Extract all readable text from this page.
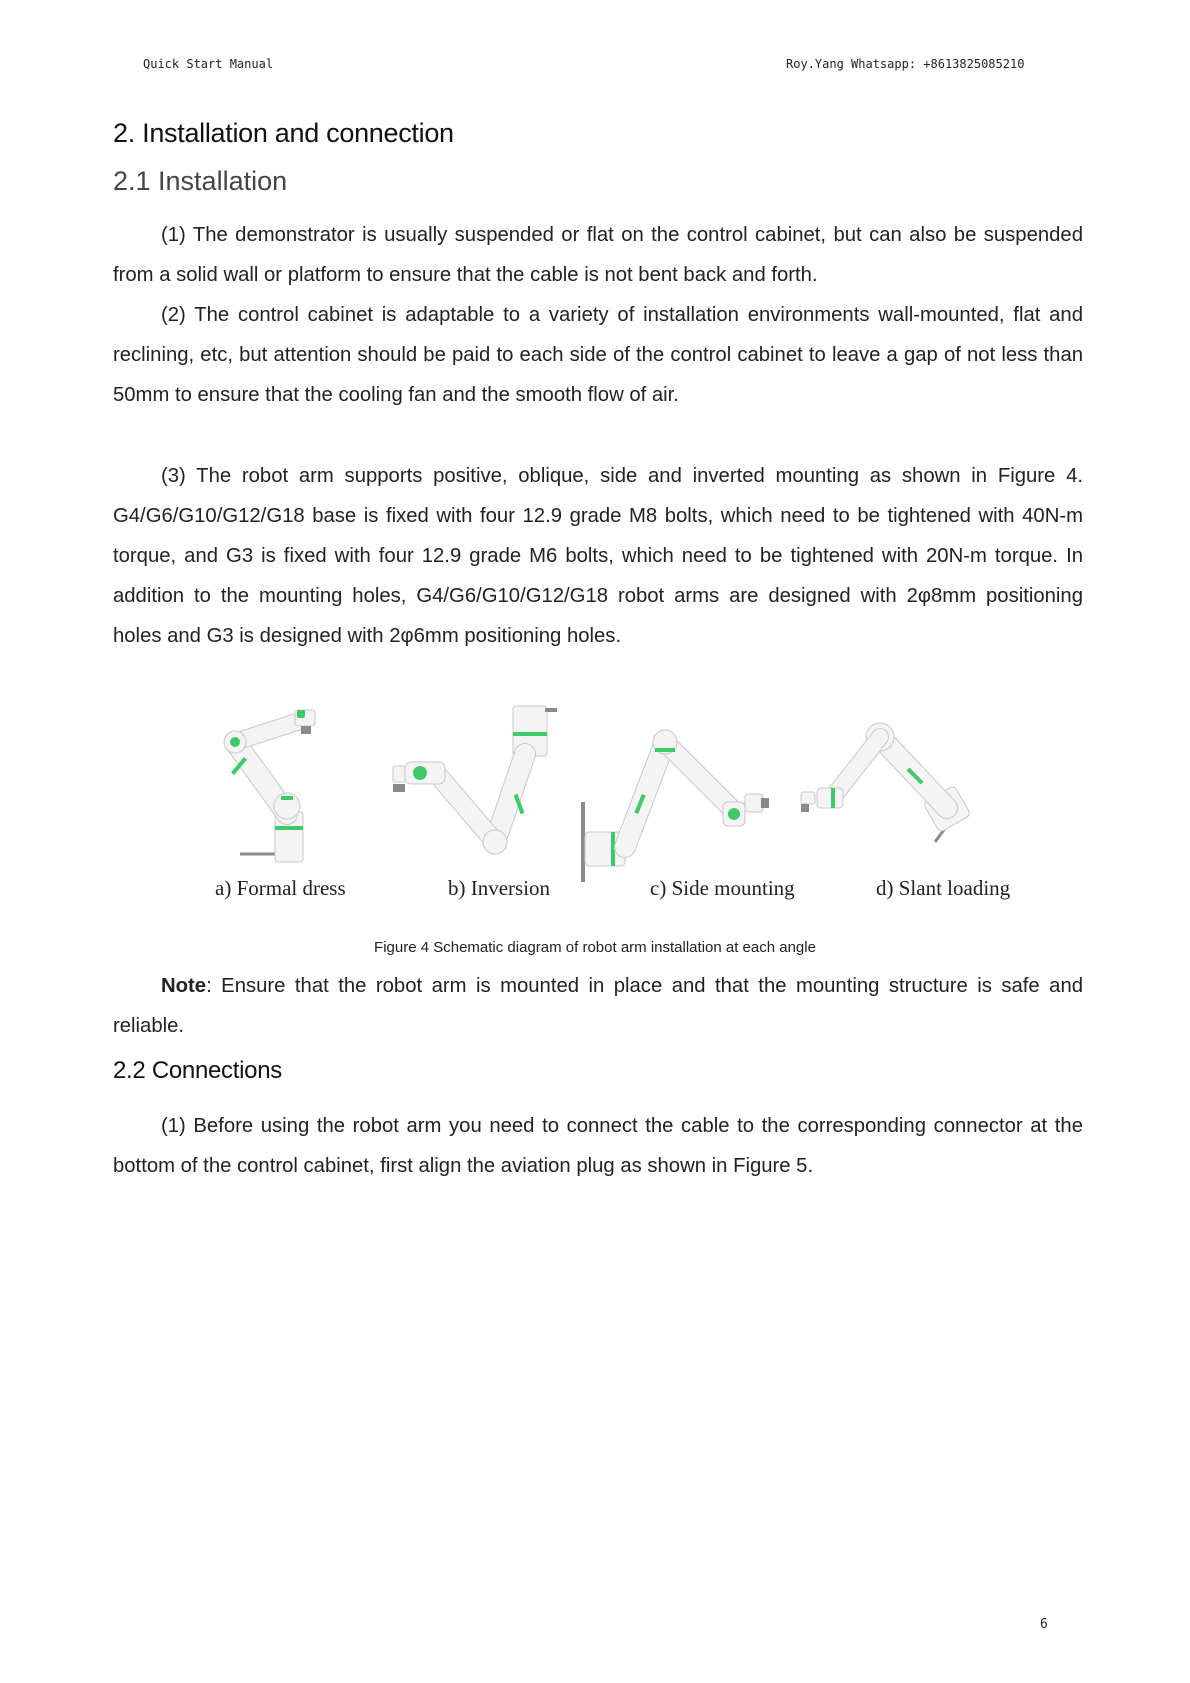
Quick Start Manual	Roy.Yang Whatsapp: +8613825085210
2. Installation and connection
2.1 Installation

(1) The demonstrator is usually suspended or flat on the control cabinet, but can also be suspended from a solid wall or platform to ensure that the cable is not bent back and forth.

(2) The control cabinet is adaptable to a variety of installation environments wall-mounted, flat and reclining, etc, but attention should be paid to each side of the control cabinet to leave a gap of not less than 50mm to ensure that the cooling fan and the smooth flow of air.

(3) The robot arm supports positive, oblique, side and inverted mounting as shown in Figure 4. G4/G6/G10/G12/G18 base is fixed with four 12.9 grade M8 bolts, which need to be tightened with 40N-m torque, and G3 is fixed with four 12.9 grade M6 bolts, which need to be tightened with 20N-m torque. In addition to the mounting holes, G4/G6/G10/G12/G18 robot arms are designed with 2φ8mm positioning holes and G3 is designed with 2φ6mm positioning holes.

a) Formal dress	b) Inversion	c) Side mounting	d) Slant loading
Figure 4 Schematic diagram of robot arm installation at each angle

Note: Ensure that the robot arm is mounted in place and that the mounting structure is safe and reliable.

2.2 Connections

(1) Before using the robot arm you need to connect the cable to the corresponding connector at the bottom of the control cabinet, first align the aviation plug as shown in Figure 5.

6
